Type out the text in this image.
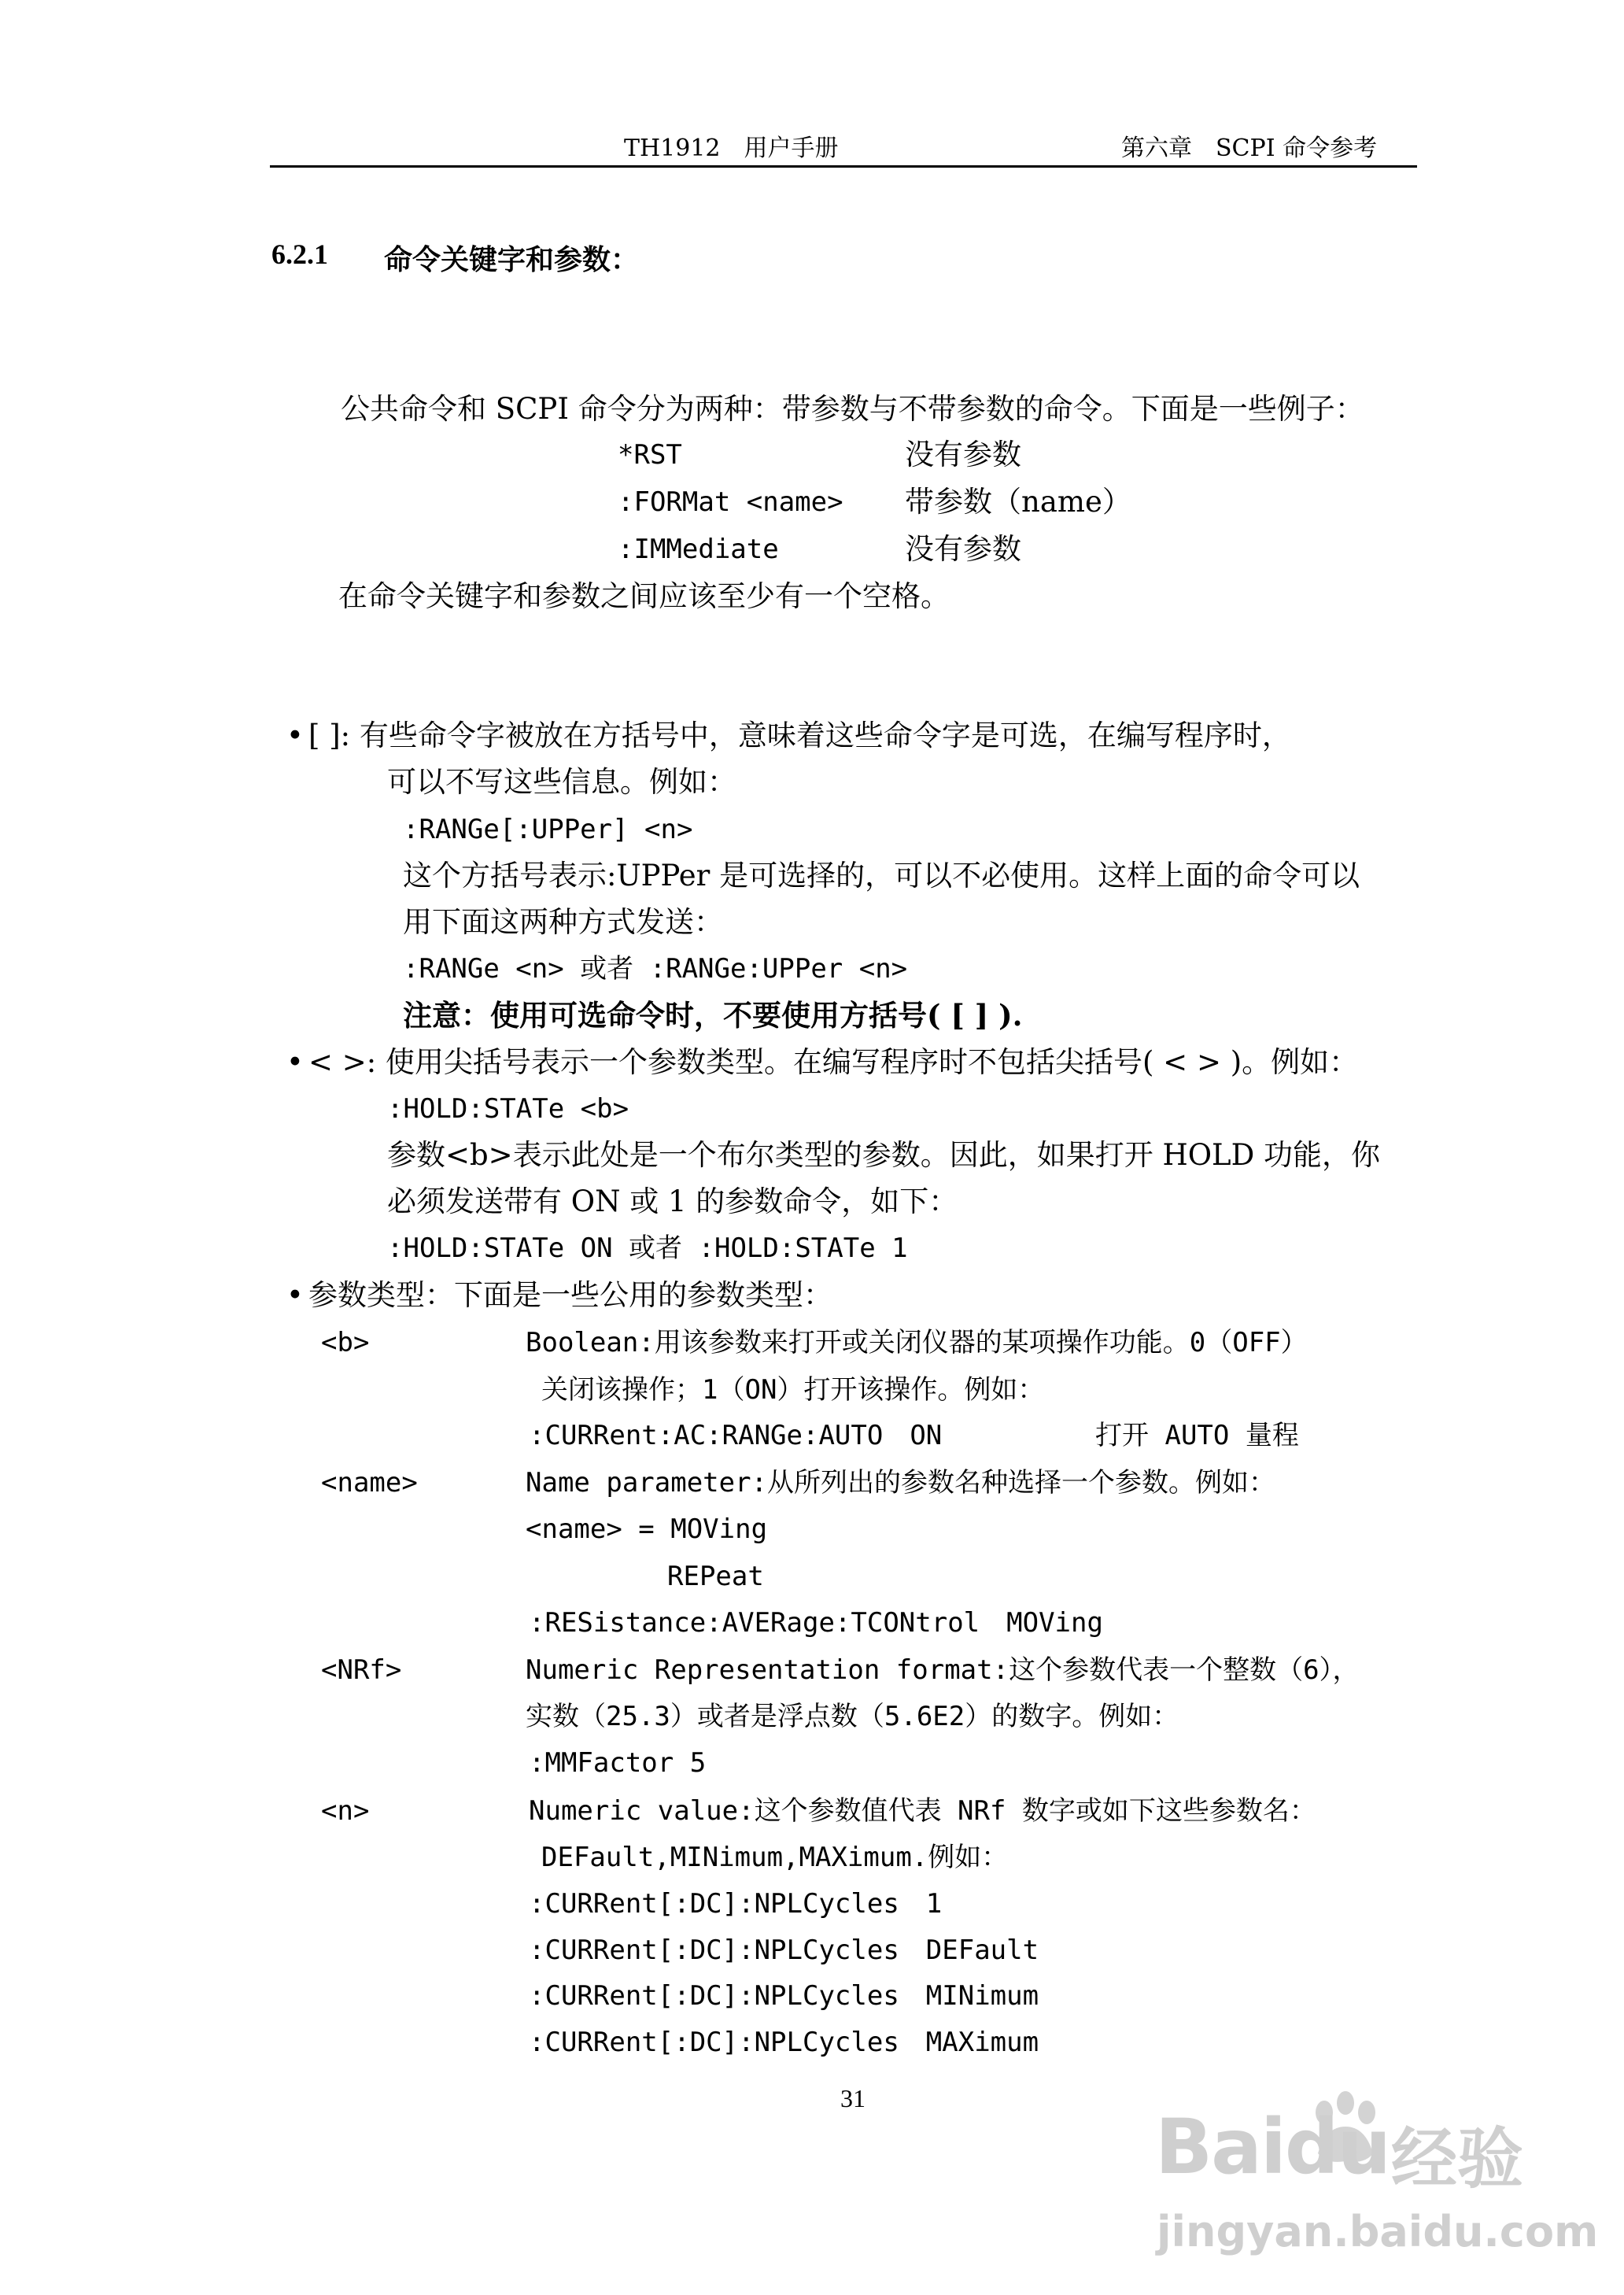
TH1912　用户手册	第六章　SCPI 命令参考
6.2.1 命令关键字和参数：
公共命令和 SCPI 命令分为两种：带参数与不带参数的命令。下面是一些例子：
*RST	没有参数
:FORMat <name> 带参数（name）
:IMMediate	没有参数
在命令关键字和参数之间应该至少有一个空格。
• [ ]: 有些命令字被放在方括号中，意味着这些命令字是可选，在编写程序时，
可以不写这些信息。例如：
:RANGe[:UPPer] <n>
这个方括号表示:UPPer 是可选择的，可以不必使用。这样上面的命令可以
用下面这两种方式发送：
:RANGe <n> 或者 :RANGe:UPPer <n>
注意：使用可选命令时，不要使用方括号( [ ] ).
• < >: 使用尖括号表示一个参数类型。在编写程序时不包括尖括号( < > )。例如：
:HOLD:STATe <b>
参数<b>表示此处是一个布尔类型的参数。因此，如果打开 HOLD 功能，你
必须发送带有 ON 或 1 的参数命令，如下：
:HOLD:STATe ON 或者 :HOLD:STATe 1
• 参数类型：下面是一些公用的参数类型：
<b>	Boolean:用该参数来打开或关闭仪器的某项操作功能。0（OFF）
关闭该操作；1（ON）打开该操作。例如：
:CURRent:AC:RANGe:AUTO　ON	打开 AUTO 量程
<name>	Name parameter:从所列出的参数名种选择一个参数。例如：
<name> = MOVing
REPeat
:RESistance:AVERage:TCONtrol　MOVing
<NRf>	Numeric Representation format:这个参数代表一个整数（6），
实数（25.3）或者是浮点数（5.6E2）的数字。例如：
:MMFactor 5
<n>	Numeric value:这个参数值代表 NRf 数字或如下这些参数名：
DEFault,MINimum,MAXimum.例如：
:CURRent[:DC]:NPLCycles　1
:CURRent[:DC]:NPLCycles　DEFault
:CURRent[:DC]:NPLCycles　MINimum
:CURRent[:DC]:NPLCycles　MAXimum
31
Baidu 经验
jingyan.baidu.com
